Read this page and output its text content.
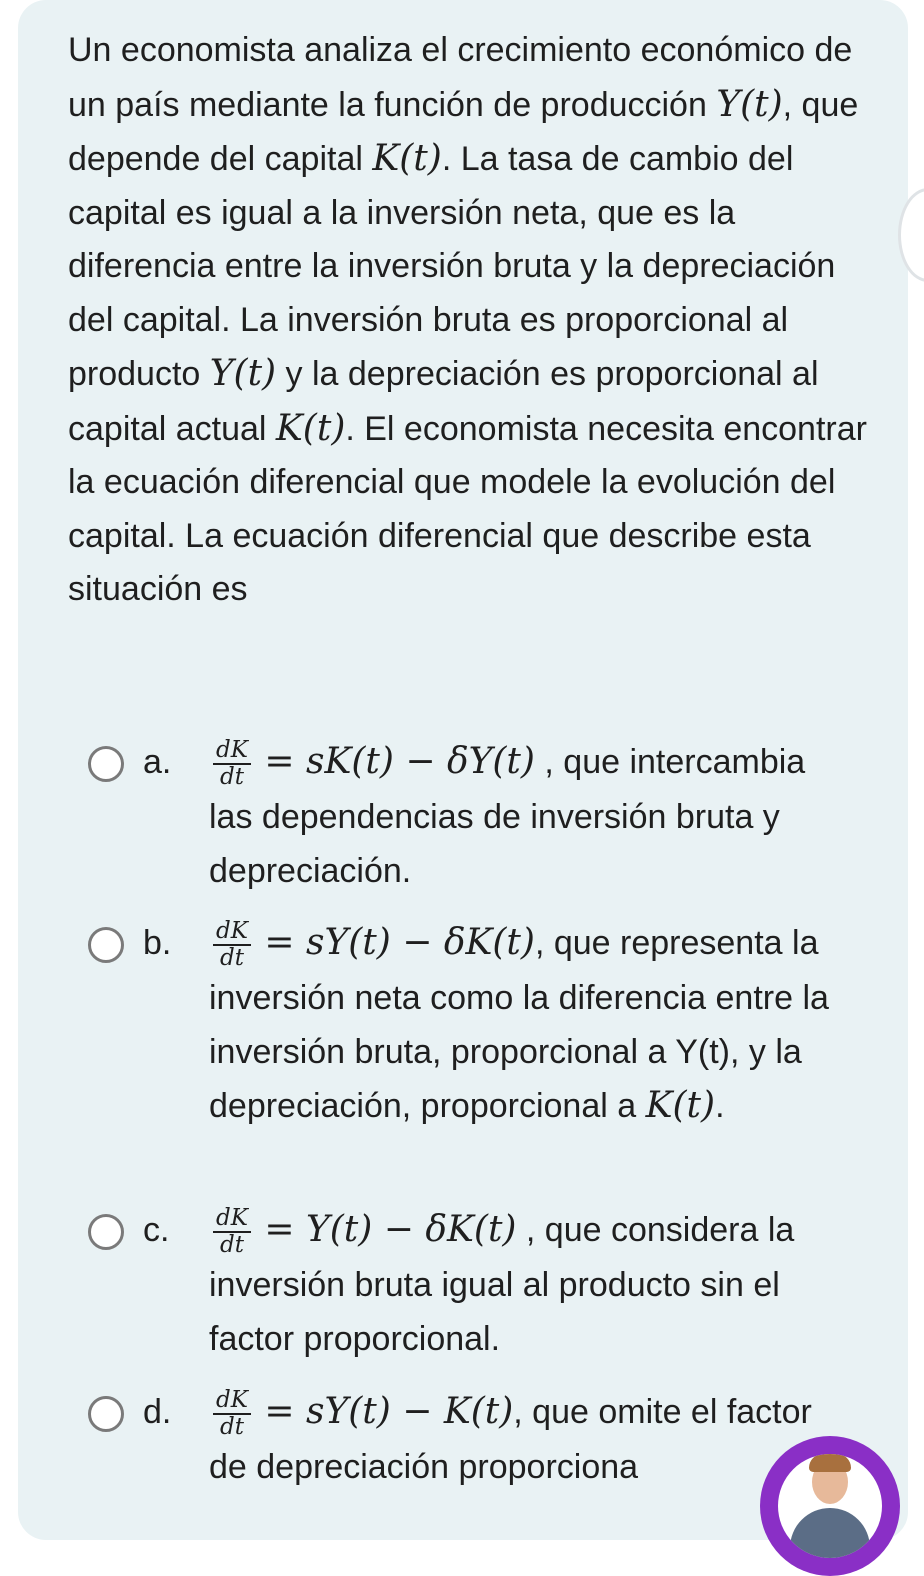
Un economista analiza el crecimiento económico de un país mediante la función de producción Y(t), que depende del capital K(t). La tasa de cambio del capital es igual a la inversión neta, que es la diferencia entre la inversión bruta y la depreciación del capital. La inversión bruta es proporcional al producto Y(t) y la depreciación es proporcional al capital actual K(t). El economista necesita encontrar la ecuación diferencial que modele la evolución del capital. La ecuación diferencial que describe esta situación es
a. $\frac{dK}{dt} = sK(t) - \delta Y(t)$ , que intercambia las dependencias de inversión bruta y depreciación.
b. $\frac{dK}{dt} = sY(t) - \delta K(t)$, que representa la inversión neta como la diferencia entre la inversión bruta, proporcional a Y(t), y la depreciación, proporcional a K(t).
c. $\frac{dK}{dt} = Y(t) - \delta K(t)$ , que considera la inversión bruta igual al producto sin el factor proporcional.
d. $\frac{dK}{dt} = sY(t) - K(t)$, que omite el factor de depreciación proporciona
